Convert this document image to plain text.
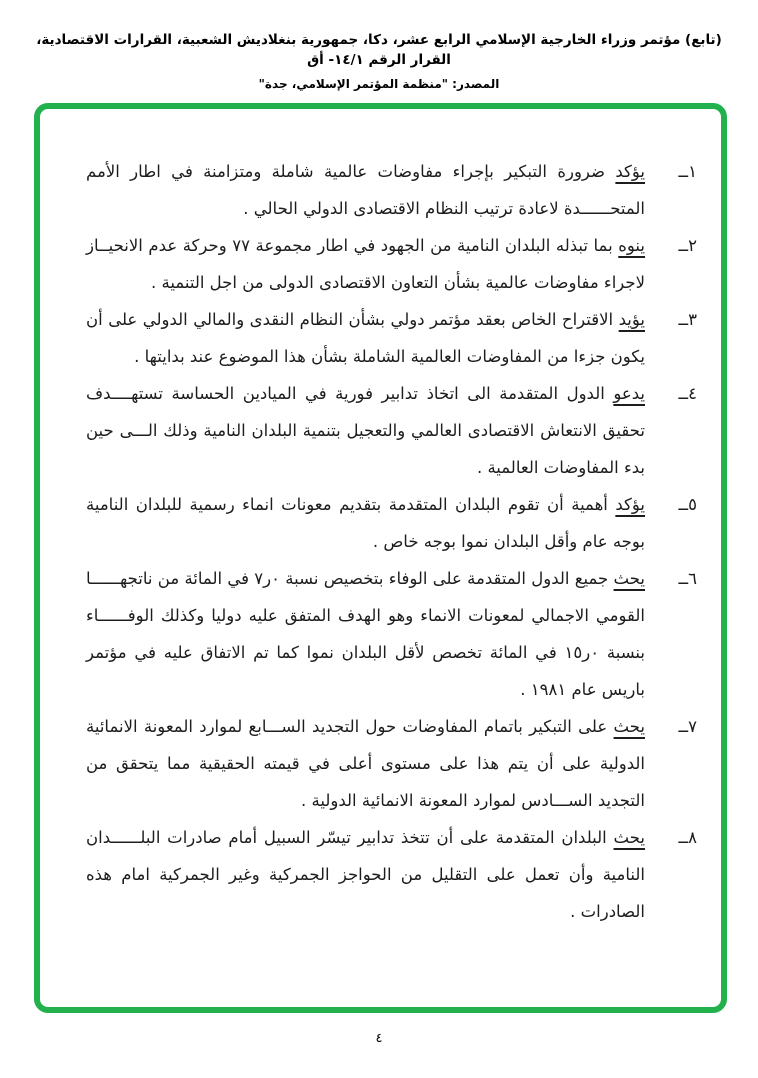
(تابع) مؤتمر وزراء الخارجية الإسلامي الرابع عشر، دكا، جمهورية بنغلاديش الشعبية، القرارات الاقتصادية، القرار الرقم ١٤/١- أق
المصدر: "منظمة المؤتمر الإسلامي، جدة"
١ــ
يؤكد ضرورة التبكير بإجراء مفاوضات عالمية شاملة ومتزامنة في اطار الأمم المتحــــــدة لاعادة ترتيب النظام الاقتصادى الدولي الحالي .
٢ــ
ينوه بما تبذله البلدان النامية من الجهود في اطار مجموعة ٧٧ وحركة عدم الانحيــاز لاجراء مفاوضات عالمية بشأن التعاون الاقتصادى الدولى من اجل التنمية .
٣ــ
يؤيد الاقتراح الخاص بعقد مؤتمر دولي بشأن النظام النقدى والمالي الدولي على أن يكون جزءا من المفاوضات العالمية الشاملة بشأن هذا الموضوع عند بدايتها .
٤ــ
يدعو الدول المتقدمة الى اتخاذ تدابير فورية في الميادين الحساسة تستهــــدف تحقيق الانتعاش الاقتصادى العالمي والتعجيل بتنمية البلدان النامية وذلك الـــى حين بدء المفاوضات العالمية .
٥ــ
يؤكد أهمية أن تقوم البلدان المتقدمة بتقديم معونات انماء رسمية للبلدان النامية بوجه عام وأقل البلدان نموا بوجه خاص .
٦ــ
يحث جميع الدول المتقدمة على الوفاء بتخصيص نسبة ٠ر٧ في المائة من ناتجهــــــا القومي الاجمالي لمعونات الانماء وهو الهدف المتفق عليه دوليا وكذلك الوفــــــاء بنسبة ٠ر١٥ في المائة تخصص لأقل البلدان نموا كما تم الاتفاق عليه في مؤتمر باريس عام ١٩٨١ .
٧ــ
يحث على التبكير باتمام المفاوضات حول التجديد الســـابع لموارد المعونة الانمائية الدولية على أن يتم هذا على مستوى أعلى في قيمته الحقيقية مما يتحقق من التجديد الســـادس لموارد المعونة الانمائية الدولية .
٨ــ
يحث البلدان المتقدمة على أن تتخذ تدابير تيسّر السبيل أمام صادرات البلــــــدان النامية وأن تعمل على التقليل من الحواجز الجمركية وغير الجمركية امام هذه الصادرات .
٤
